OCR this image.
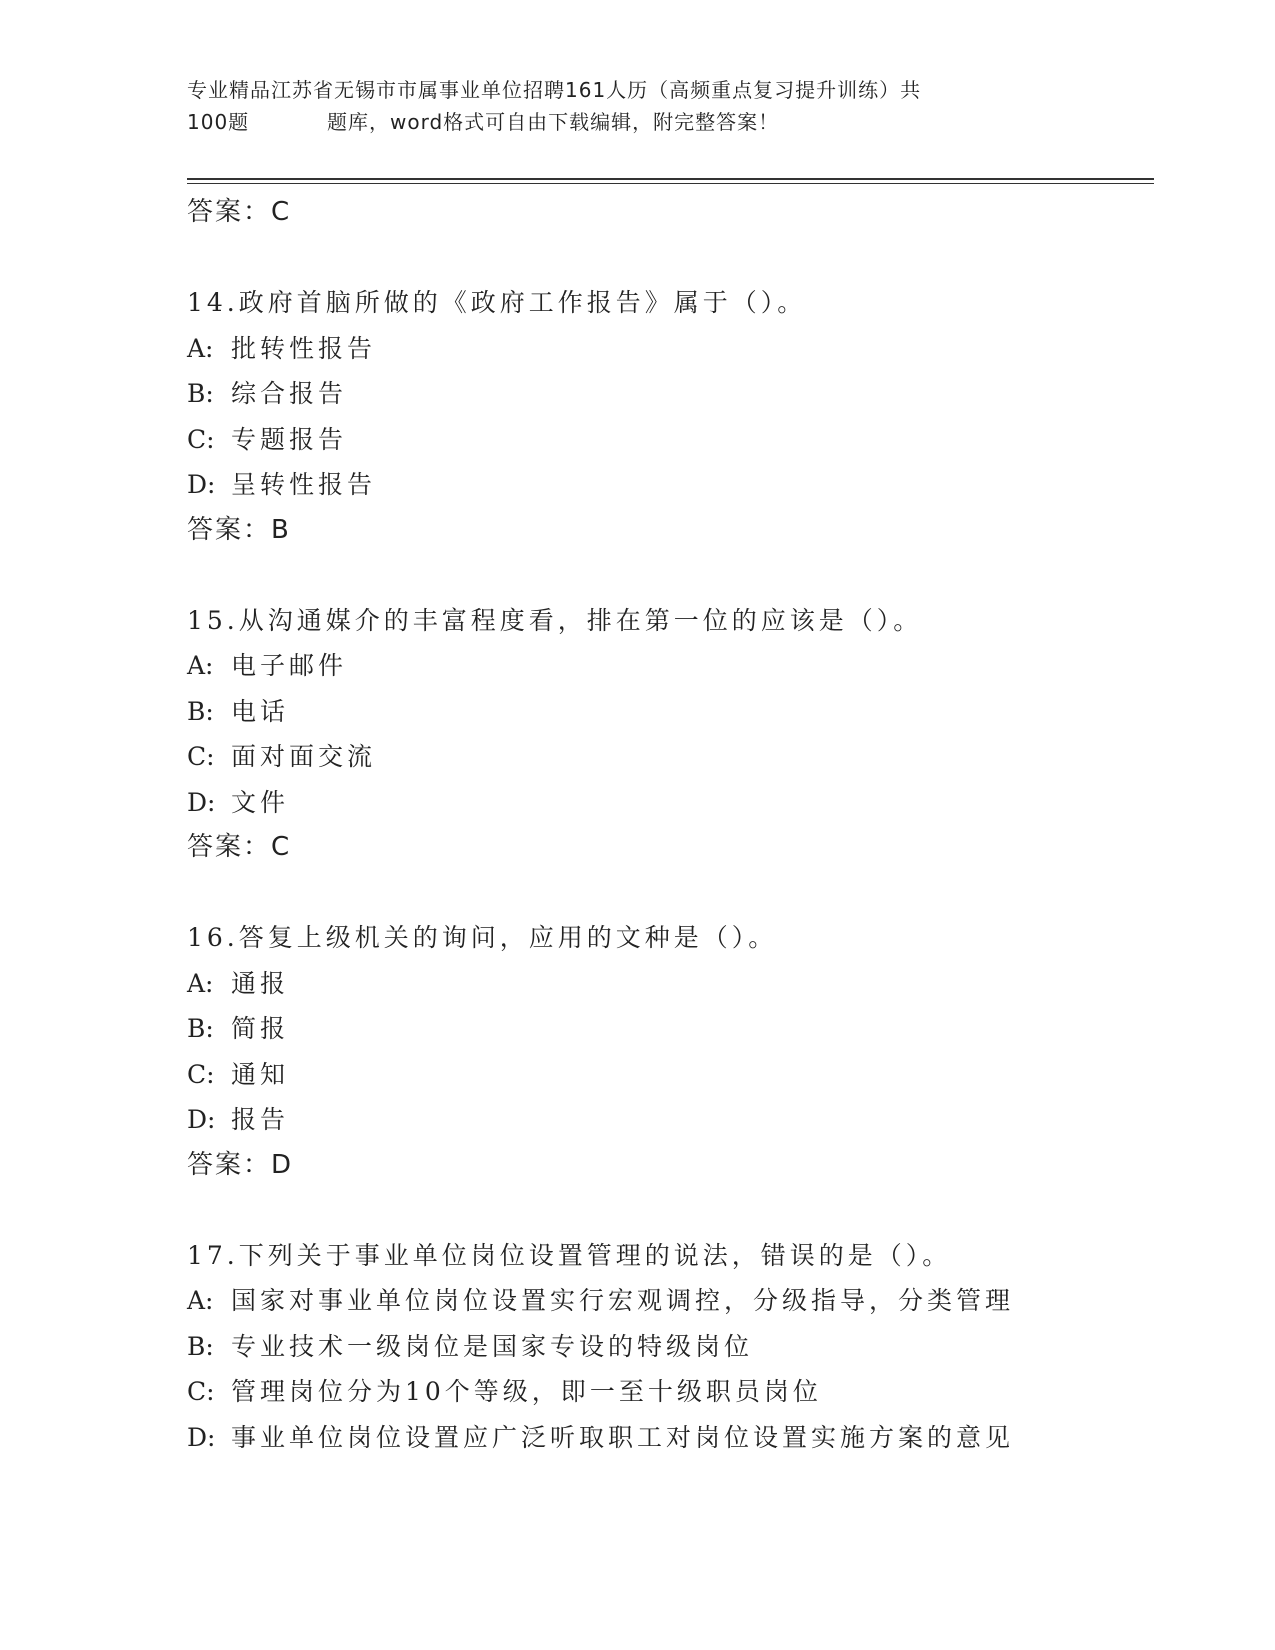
专业精品江苏省无锡市市属事业单位招聘161人历（高频重点复习提升训练）共
100题	题库，word格式可自由下载编辑，附完整答案！

答案：C

14.政府首脑所做的《政府工作报告》属于（）。

A: 批转性报告

B: 综合报告

C: 专题报告

D: 呈转性报告

答案：B

15.从沟通媒介的丰富程度看，排在第一位的应该是（）。

A: 电子邮件

B: 电话

C: 面对面交流

D: 文件

答案：C

16.答复上级机关的询问，应用的文种是（）。

A: 通报

B: 简报

C: 通知

D: 报告

答案：D

17.下列关于事业单位岗位设置管理的说法，错误的是（）。

A: 国家对事业单位岗位设置实行宏观调控，分级指导，分类管理

B: 专业技术一级岗位是国家专设的特级岗位

C: 管理岗位分为10个等级，即一至十级职员岗位

D: 事业单位岗位设置应广泛听取职工对岗位设置实施方案的意见
